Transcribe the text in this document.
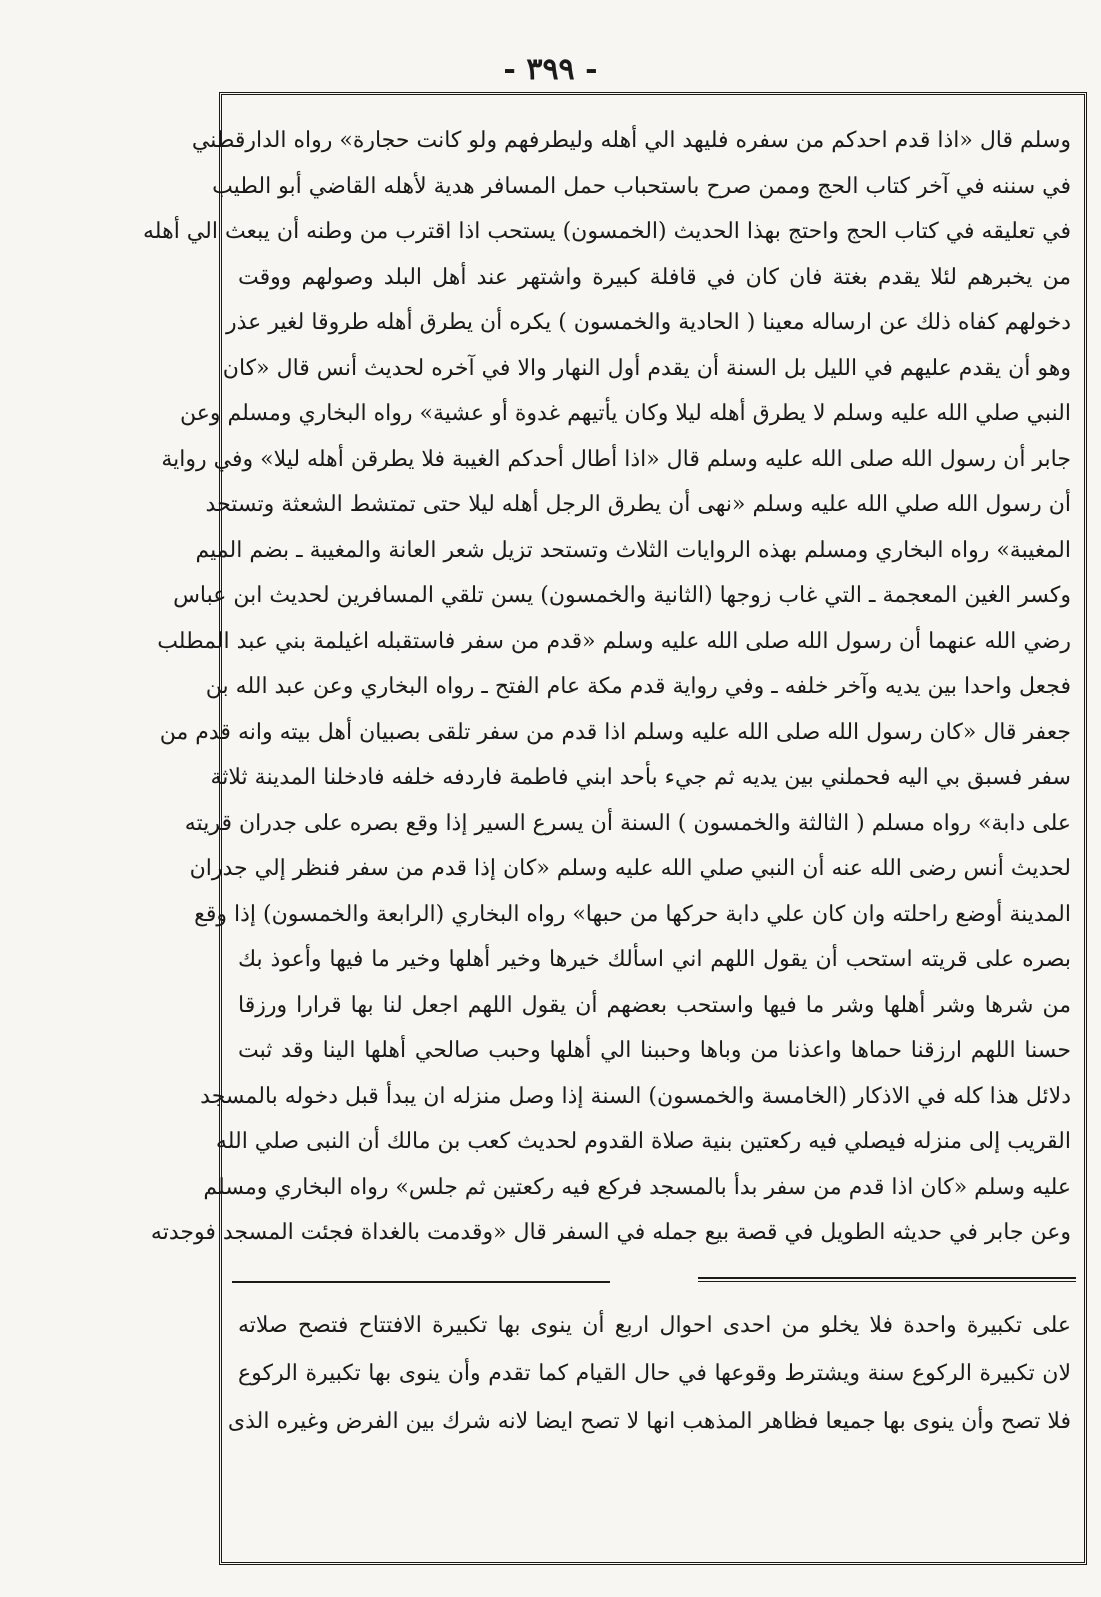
- ٣٩٩ -
وسلم قال «اذا قدم احدكم من سفره فليهد الي أهله وليطرفهم ولو كانت حجارة» رواه الدارقطني
في سننه في آخر كتاب الحج وممن صرح باستحباب حمل المسافر هدية لأهله القاضي أبو الطيب
في تعليقه في كتاب الحج واحتج بهذا الحديث (الخمسون) يستحب اذا اقترب من وطنه أن يبعث الي أهله
من يخبرهم لئلا يقدم بغتة فان كان في قافلة كبيرة واشتهر عند أهل البلد وصولهم ووقت
دخولهم كفاه ذلك عن ارساله معينا ( الحادية والخمسون ) يكره أن يطرق أهله طروقا لغير عذر
وهو أن يقدم عليهم في الليل بل السنة أن يقدم أول النهار والا في آخره لحديث أنس قال «كان
النبي صلي الله عليه وسلم لا يطرق أهله ليلا وكان يأتيهم غدوة أو عشية» رواه البخاري ومسلم وعن
جابر أن رسول الله صلى الله عليه وسلم قال «اذا أطال أحدكم الغيبة فلا يطرقن أهله ليلا» وفي رواية
أن رسول الله صلي الله عليه وسلم «نهى أن يطرق الرجل أهله ليلا حتى تمتشط الشعثة وتستحد
المغيبة» رواه البخاري ومسلم بهذه الروايات الثلاث وتستحد تزيل شعر العانة والمغيبة ـ بضم الميم
وكسر الغين المعجمة ـ التي غاب زوجها (الثانية والخمسون) يسن تلقي المسافرين لحديث ابن عباس
رضي الله عنهما أن رسول الله صلى الله عليه وسلم «قدم من سفر فاستقبله اغيلمة بني عبد المطلب
فجعل واحدا بين يديه وآخر خلفه ـ وفي رواية قدم مكة عام الفتح ـ رواه البخاري وعن عبد الله بن
جعفر قال «كان رسول الله صلى الله عليه وسلم اذا قدم من سفر تلقى بصبيان أهل بيته وانه قدم من
سفر فسبق بي اليه فحملني بين يديه ثم جيء بأحد ابني فاطمة فاردفه خلفه فادخلنا المدينة ثلاثة
على دابة» رواه مسلم ( الثالثة والخمسون ) السنة أن يسرع السير إذا وقع بصره على جدران قريته
لحديث أنس رضى الله عنه أن النبي صلي الله عليه وسلم «كان إذا قدم من سفر فنظر إلي جدران
المدينة أوضع راحلته وان كان علي دابة حركها من حبها» رواه البخاري (الرابعة والخمسون) إذا وقع
بصره على قريته استحب أن يقول اللهم اني اسألك خيرها وخير أهلها وخير ما فيها وأعوذ بك
من شرها وشر أهلها وشر ما فيها واستحب بعضهم أن يقول اللهم اجعل لنا بها قرارا ورزقا
حسنا اللهم ارزقنا حماها واعذنا من وباها وحببنا الي أهلها وحبب صالحي أهلها الينا وقد ثبت
دلائل هذا كله في الاذكار (الخامسة والخمسون) السنة إذا وصل منزله ان يبدأ قبل دخوله بالمسجد
القريب إلى منزله فيصلي فيه ركعتين بنية صلاة القدوم لحديث كعب بن مالك أن النبى صلي الله
عليه وسلم «كان اذا قدم من سفر بدأ بالمسجد فركع فيه ركعتين ثم جلس» رواه البخاري ومسلم
وعن جابر في حديثه الطويل في قصة بيع جمله في السفر قال «وقدمت بالغداة فجئت المسجد فوجدته
على تكبيرة واحدة فلا يخلو من احدى احوال اربع أن ينوى بها تكبيرة الافتتاح فتصح صلاته
لان تكبيرة الركوع سنة ويشترط وقوعها في حال القيام كما تقدم وأن ينوى بها تكبيرة الركوع
فلا تصح وأن ينوى بها جميعا فظاهر المذهب انها لا تصح ايضا لانه شرك بين الفرض وغيره الذى
